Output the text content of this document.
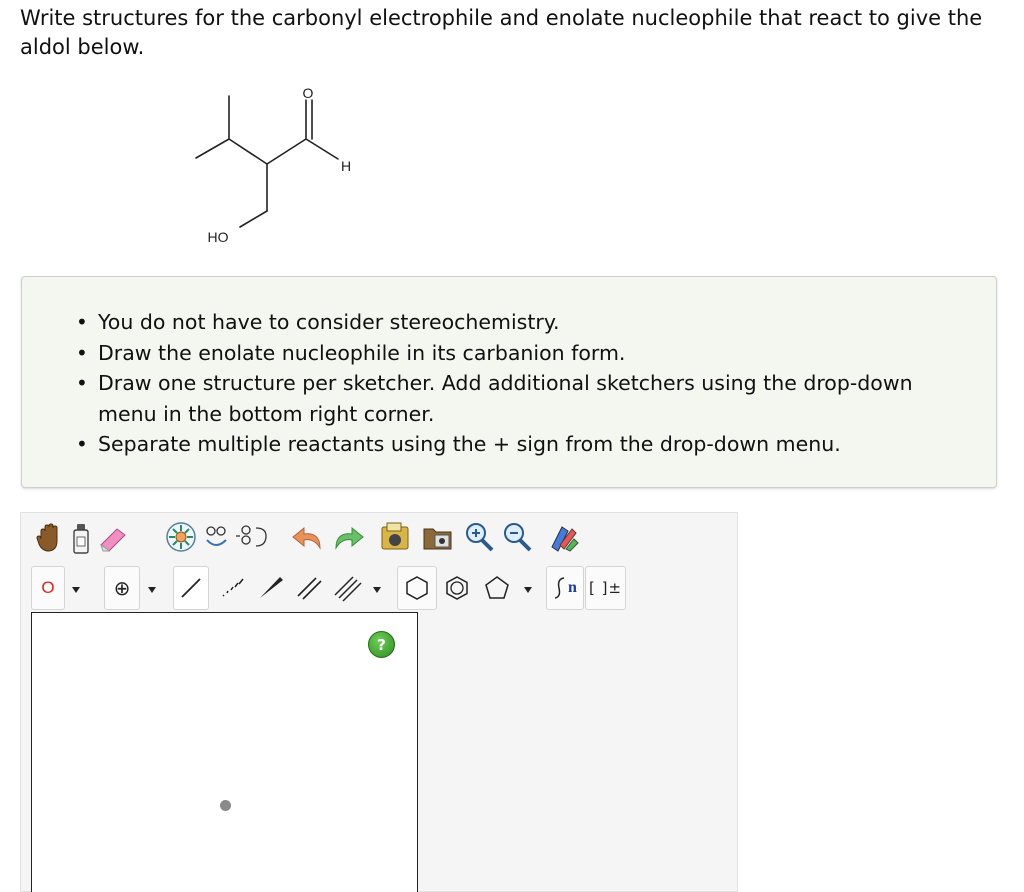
Write structures for the carbonyl electrophile and enolate nucleophile that react to give the aldol below.
O
H
HO
• You do not have to consider stereochemistry.
• Draw the enolate nucleophile in its carbanion form.
• Draw one structure per sketcher. Add additional sketchers using the drop-down menu in the bottom right corner.
• Separate multiple reactants using the + sign from the drop-down menu.
O	⊕	n [ ]±
?
